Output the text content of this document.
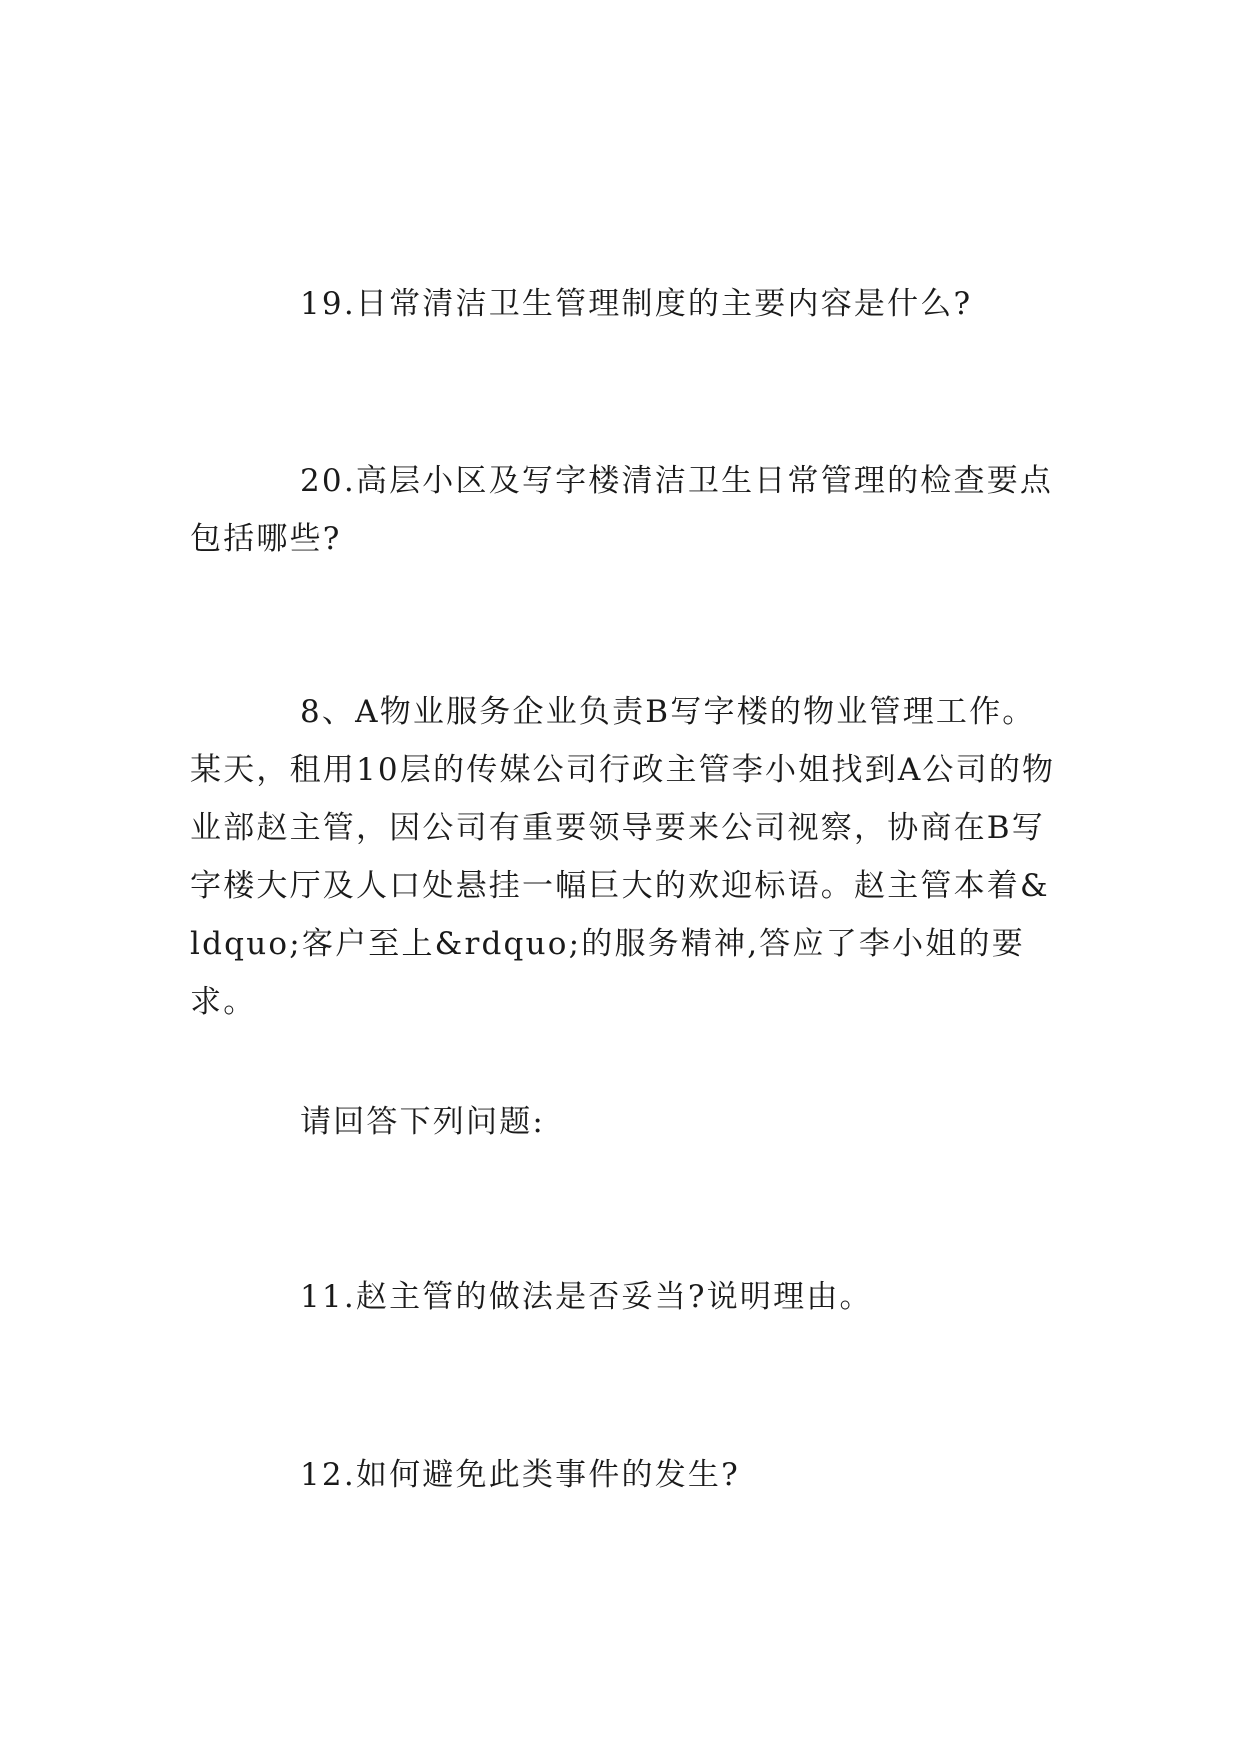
19.日常清洁卫生管理制度的主要内容是什么?

20.高层小区及写字楼清洁卫生日常管理的检查要点包括哪些?

8、A物业服务企业负责B写字楼的物业管理工作。某天，租用10层的传媒公司行政主管李小姐找到A公司的物业部赵主管，因公司有重要领导要来公司视察，协商在B写字楼大厅及人口处悬挂一幅巨大的欢迎标语。赵主管本着&ldquo;客户至上&rdquo;的服务精神,答应了李小姐的要求。

请回答下列问题:

11.赵主管的做法是否妥当?说明理由。

12.如何避免此类事件的发生?
